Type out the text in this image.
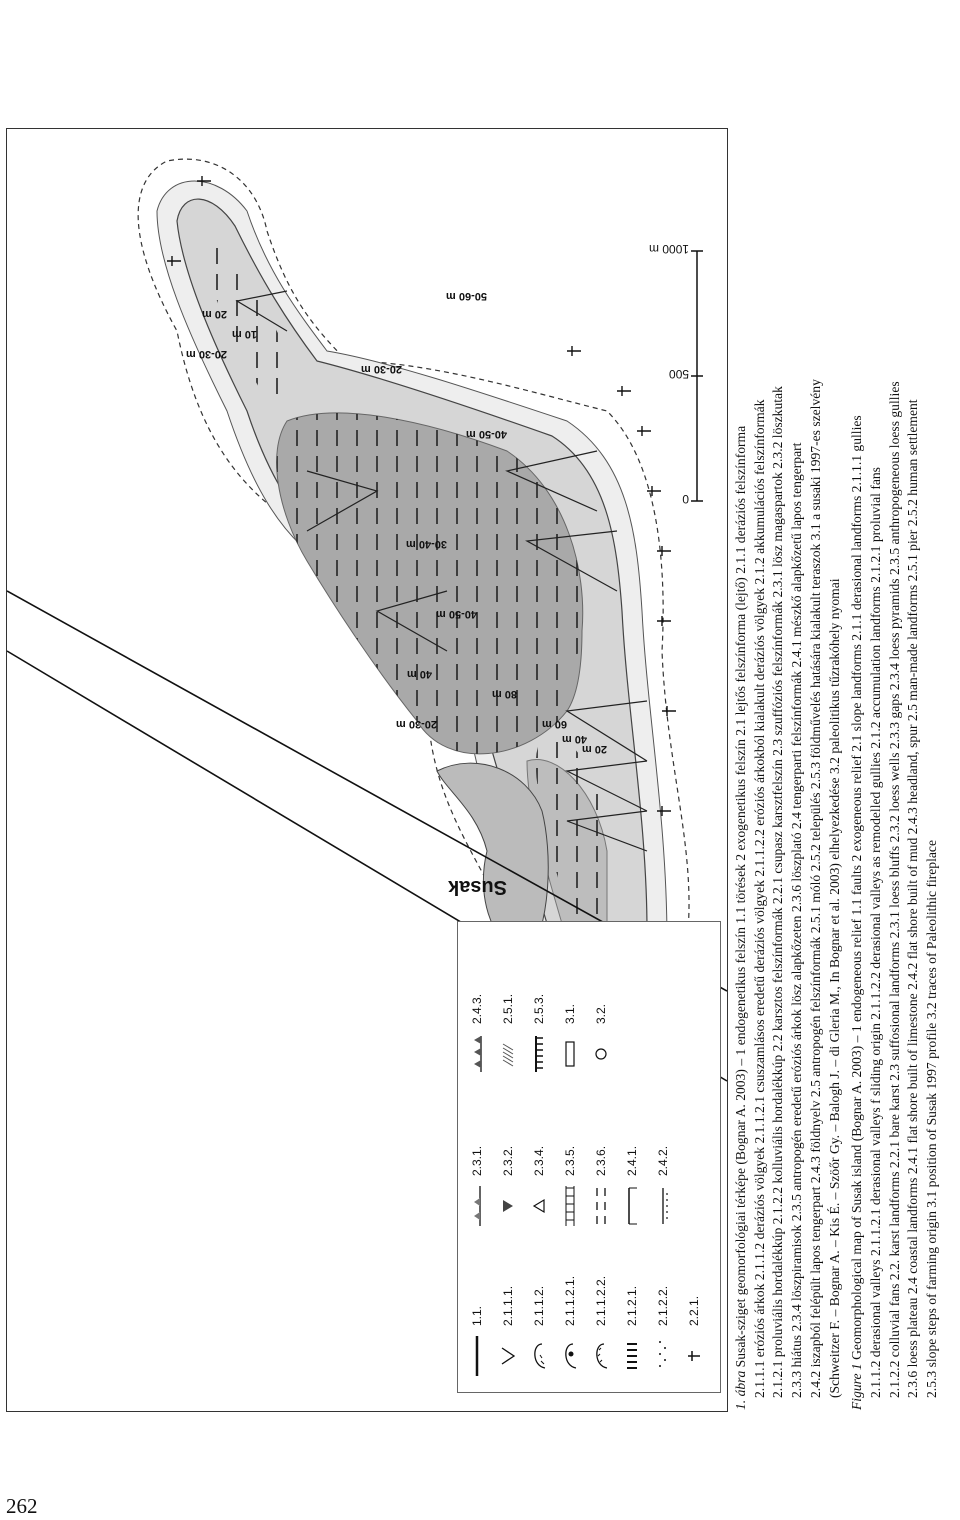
262
Susak
50-60 m
40-50 m
30-40 m
40-50 m
80 m
60 m
40 m
20 m
40 m
20-30 m
20-30 m
20-30 m
20 m
10 m
0
500
1000 m
1.1. 2.1.1.1. 2.1.1.2. 2.1.1.2.1. 2.1.1.2.2. 2.1.2.1. 2.1.2.2. 2.2.1.
2.3.1. 2.3.2. 2.3.4. 2.3.5. 2.3.6. 2.4.1. 2.4.2.
2.4.3. 2.5.1. 2.5.3. 3.1. 3.2.

1. ábra Susak-sziget geomorfológiai térképe (Bognar A. 2003) – 1 endogenetikus felszín 1.1 törések 2 exogenetikus felszín 2.1 lejtős felszínforma (lejtő) 2.1.1 deráziós felszínforma 2.1.1.1 eróziós árkok 2.1.1.2 deráziós völgyek 2.1.1.2.1 csuszamlásos eredetű deráziós völgyek 2.1.1.2.2 eróziós árkokból kialakult deráziós völgyek 2.1.2 akkumulációs felszínformák 2.1.2.1 proluviális hordalékkúp 2.1.2.2 kolluviális hordalékkúp 2.2 karsztos felszínformák 2.2.1 csupasz karsztfelszín 2.3 szuffóziós felszínformák 2.3.1 lösz magaspartok 2.3.2 löszkutak 2.3.3 hiátus 2.3.4 löszpiramisok 2.3.5 antropogén eredetű eróziós árkok lösz alapkőzeten 2.3.6 löszplató 2.4 tengerparti felszínformák 2.4.1 mészkő alapkőzetű lapos tengerpart 2.4.2 iszapból felépült lapos tengerpart 2.4.3 földnyelv 2.5 antropogén felszínformák 2.5.1 móló 2.5.2 település 2.5.3 földművelés hatására kialakult teraszok 3.1 a susaki 1997-es szelvény (Schweitzer F. – Bognar A. – Kis É. – Szöőr Gy. – Balogh J. – di Gleria M., In Bognar et al. 2003) elhelyezkedése 3.2 paleolitikus tűzrakóhely nyomai Figure 1 Geomorphological map of Susak island (Bognar A. 2003) – 1 endogeneous relief 1.1 faults 2 exogeneous relief 2.1 slope landforms 2.1.1 derasional landforms 2.1.1.1 gullies 2.1.1.2 derasional valleys 2.1.1.2.1 derasional valleys f sliding origin 2.1.1.2.2 derasional valleys as remodelled gullies 2.1.2 accumulation landforms 2.1.2.1 proluvial fans 2.1.2.2 colluvial fans 2.2. karst landforms 2.2.1 bare karst 2.3 suffosional landforms 2.3.1 loess bluffs 2.3.2 loess wells 2.3.3 gaps 2.3.4 loess pyramids 2.3.5 anthropogeneous loess gullies 2.3.6 loess plateau 2.4 coastal landforms 2.4.1 flat shore built of limestone 2.4.2 flat shore built of mud 2.4.3 headland, spur 2.5 man-made landforms 2.5.1 pier 2.5.2 human settlement 2.5.3 slope steps of farming origin 3.1 position of Susak 1997 profile 3.2 traces of Paleolithic fireplace
